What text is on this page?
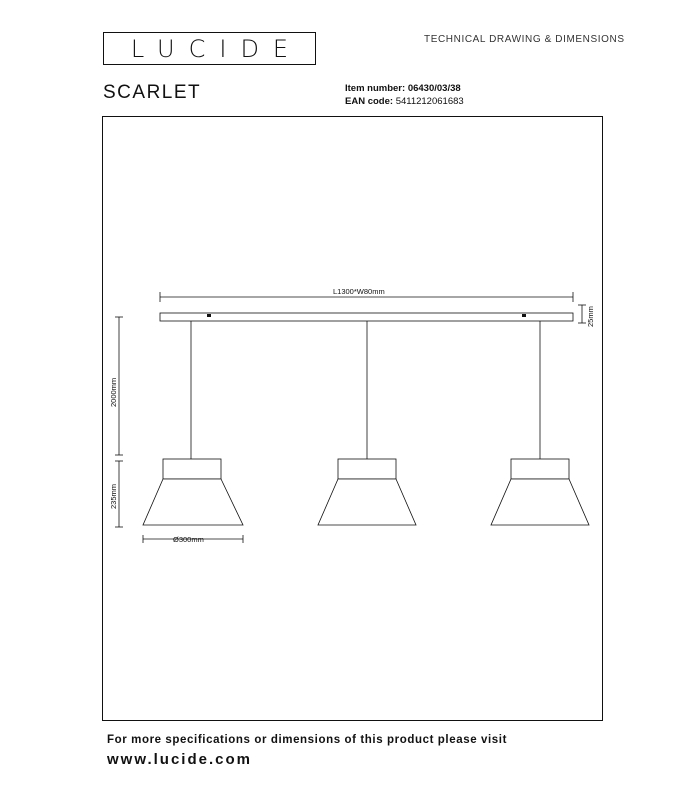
LUCIDE	TECHNICAL DRAWING & DIMENSIONS
SCARLET	Item number: 06430/03/38
EAN code: 5411212061683
L1300*W80mm
25mm
2000mm
235mm
Ø300mm
For more specifications or dimensions of this product please visit
www.lucide.com
